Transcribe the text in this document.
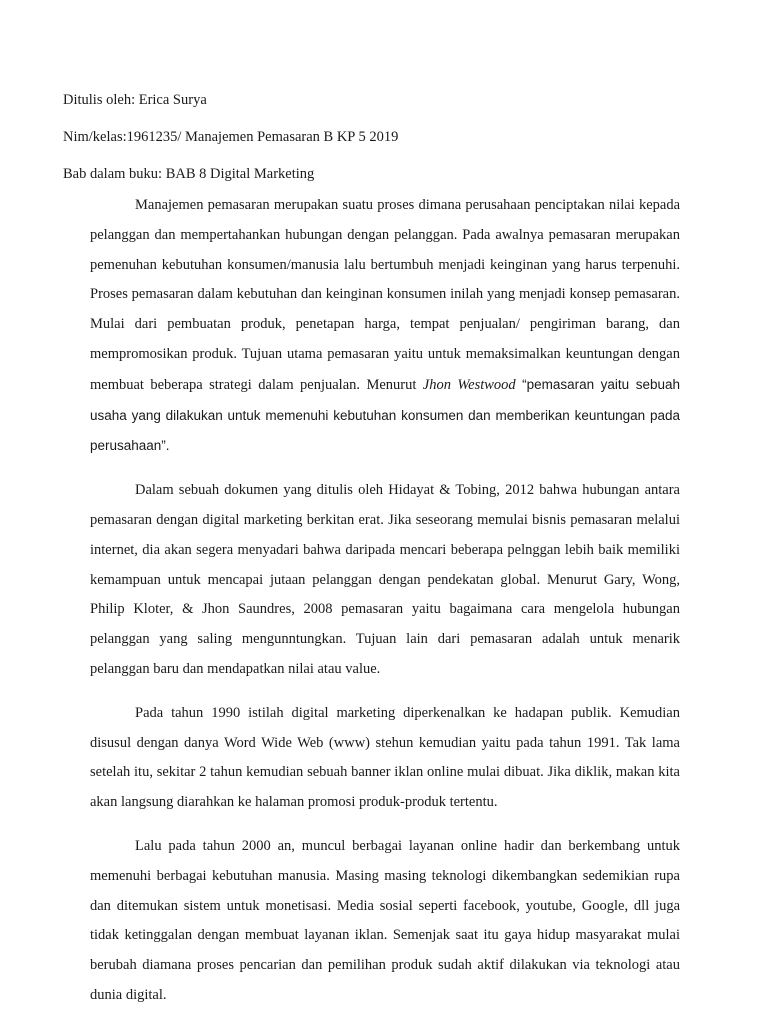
Ditulis oleh: Erica Surya

Nim/kelas:1961235/ Manajemen Pemasaran B KP 5 2019

Bab dalam buku: BAB 8 Digital Marketing

Manajemen pemasaran merupakan suatu proses dimana perusahaan penciptakan nilai kepada pelanggan dan mempertahankan hubungan dengan pelanggan. Pada awalnya pemasaran merupakan pemenuhan kebutuhan konsumen/manusia lalu bertumbuh menjadi keinginan yang harus terpenuhi. Proses pemasaran dalam kebutuhan dan keinginan konsumen inilah yang menjadi konsep pemasaran. Mulai dari pembuatan produk, penetapan harga, tempat penjualan/ pengiriman barang, dan mempromosikan produk. Tujuan utama pemasaran yaitu untuk memaksimalkan keuntungan dengan membuat beberapa strategi dalam penjualan. Menurut Jhon Westwood “pemasaran yaitu sebuah usaha yang dilakukan untuk memenuhi kebutuhan konsumen dan memberikan keuntungan pada perusahaan”.

Dalam sebuah dokumen yang ditulis oleh Hidayat & Tobing, 2012 bahwa hubungan antara pemasaran dengan digital marketing berkitan erat. Jika seseorang memulai bisnis pemasaran melalui internet, dia akan segera menyadari bahwa daripada mencari beberapa pelnggan lebih baik memiliki kemampuan untuk mencapai jutaan pelanggan dengan pendekatan global. Menurut Gary, Wong, Philip Kloter, & Jhon Saundres, 2008 pemasaran yaitu bagaimana cara mengelola hubungan pelanggan yang saling mengunntungkan. Tujuan lain dari pemasaran adalah untuk menarik pelanggan baru dan mendapatkan nilai atau value.

Pada tahun 1990 istilah digital marketing diperkenalkan ke hadapan publik. Kemudian disusul dengan danya Word Wide Web (www) stehun kemudian yaitu pada tahun 1991. Tak lama setelah itu, sekitar 2 tahun kemudian sebuah banner iklan online mulai dibuat. Jika diklik, makan kita akan langsung diarahkan ke halaman promosi produk-produk tertentu.

Lalu pada tahun 2000 an, muncul berbagai layanan online hadir dan berkembang untuk memenuhi berbagai kebutuhan manusia. Masing masing teknologi dikembangkan sedemikian rupa dan ditemukan sistem untuk monetisasi. Media sosial seperti facebook, youtube, Google, dll juga tidak ketinggalan dengan membuat layanan iklan. Semenjak saat itu gaya hidup masyarakat mulai berubah diamana proses pencarian dan pemilihan produk sudah aktif dilakukan via teknologi atau dunia digital.
